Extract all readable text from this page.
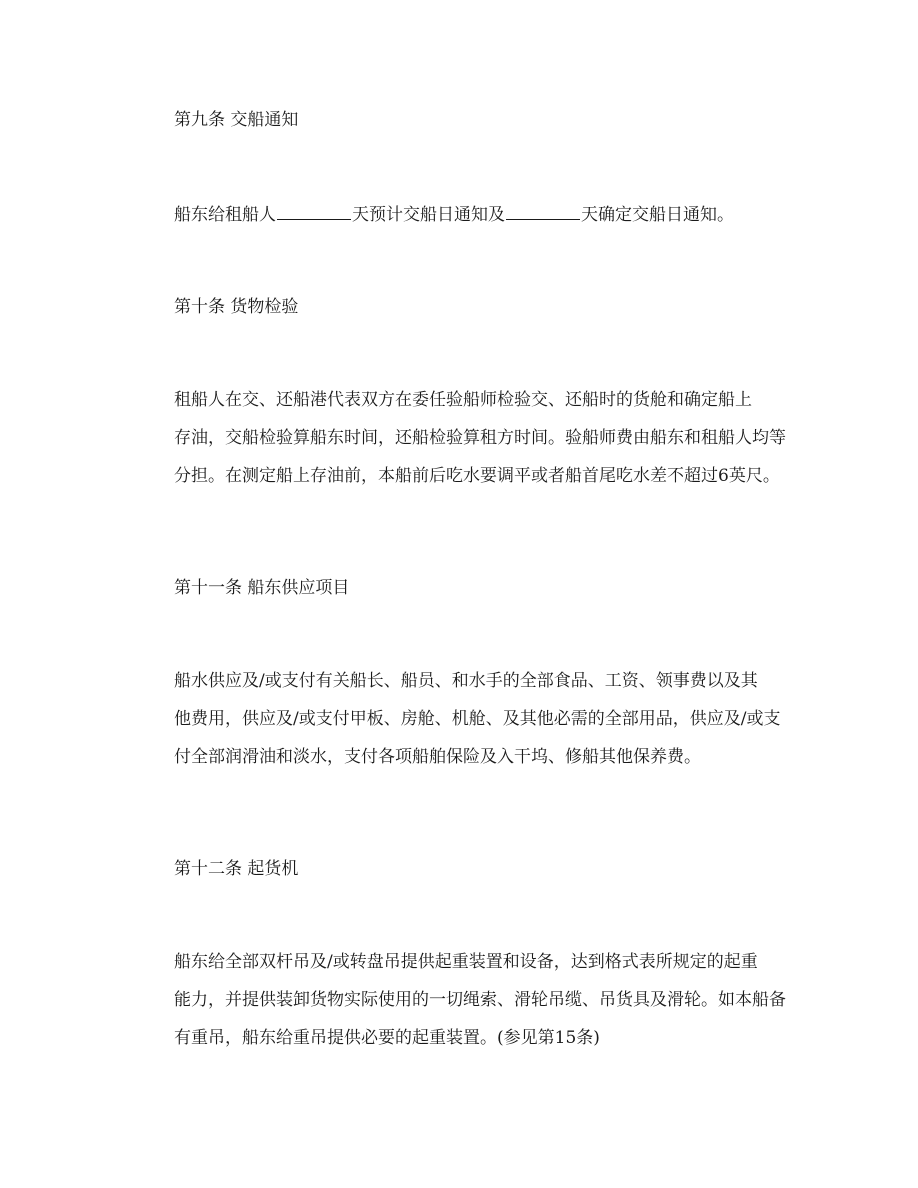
第九条 交船通知
船东给租船人	天预计交船日通知及	天确定交船日通知。
第十条 货物检验
租船人在交、还船港代表双方在委任验船师检验交、还船时的货舱和确定船上
存油，交船检验算船东时间，还船检验算租方时间。验船师费由船东和租船人均等
分担。在测定船上存油前，本船前后吃水要调平或者船首尾吃水差不超过6英尺。
第十一条 船东供应项目
船水供应及/或支付有关船长、船员、和水手的全部食品、工资、领事费以及其
他费用，供应及/或支付甲板、房舱、机舱、及其他必需的全部用品，供应及/或支
付全部润滑油和淡水，支付各项船舶保险及入干坞、修船其他保养费。
第十二条 起货机
船东给全部双杆吊及/或转盘吊提供起重装置和设备，达到格式表所规定的起重
能力，并提供装卸货物实际使用的一切绳索、滑轮吊缆、吊货具及滑轮。如本船备
有重吊，船东给重吊提供必要的起重装置。(参见第15条)
